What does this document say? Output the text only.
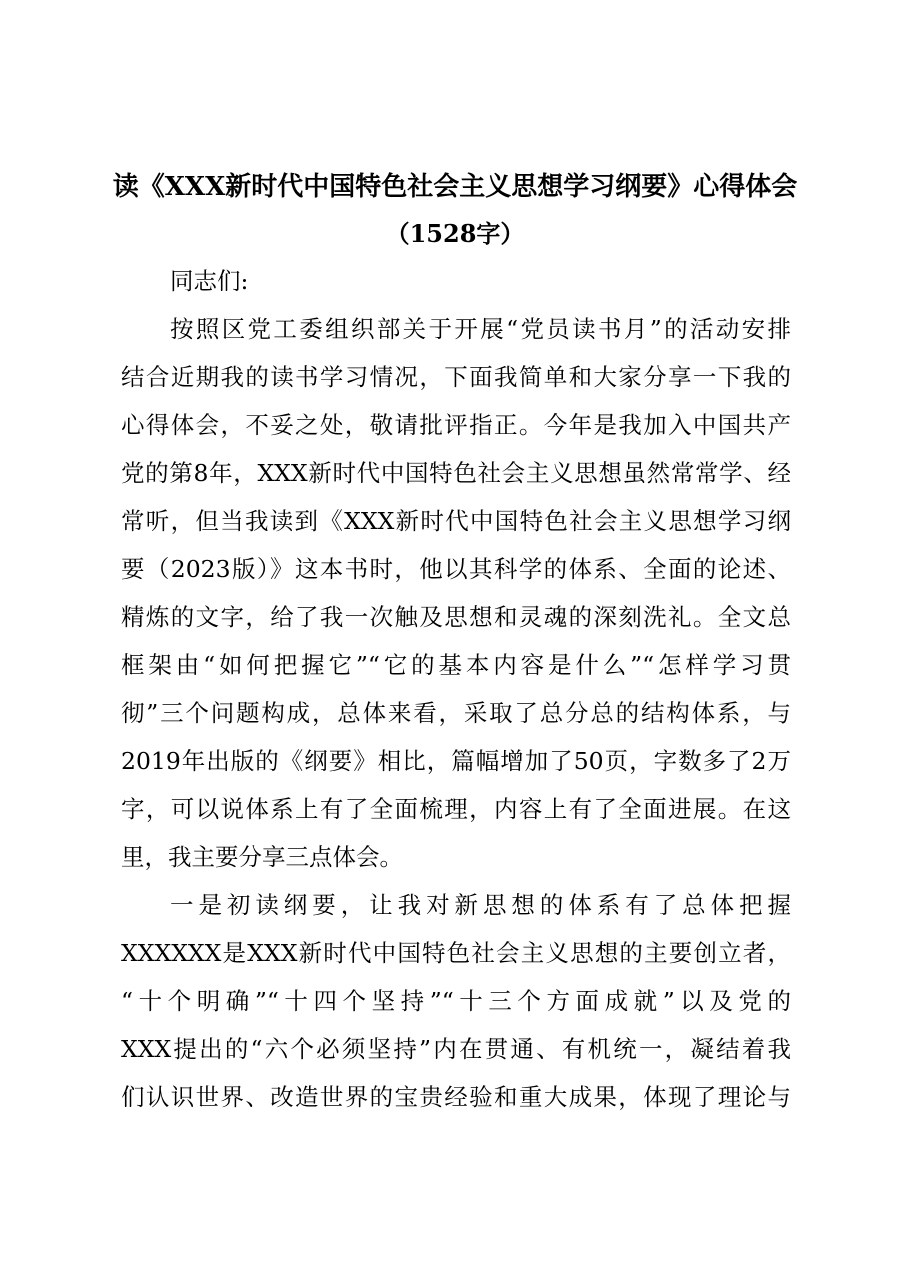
读《XXX新时代中国特色社会主义思想学习纲要》心得体会
（1528字）

同志们:

按照区党工委组织部关于开展“党员读书月”的活动安排

结合近期我的读书学习情况，下面我简单和大家分享一下我的

心得体会，不妥之处，敬请批评指正。今年是我加入中国共产

党的第8年，XXX新时代中国特色社会主义思想虽然常常学、经

常听，但当我读到《XXX新时代中国特色社会主义思想学习纲

要（2023版）》这本书时，他以其科学的体系、全面的论述、

精炼的文字，给了我一次触及思想和灵魂的深刻洗礼。全文总

框架由“如何把握它”“它的基本内容是什么”“怎样学习贯

彻”三个问题构成，总体来看，采取了总分总的结构体系，与

2019年出版的《纲要》相比，篇幅增加了50页，字数多了2万

字，可以说体系上有了全面梳理，内容上有了全面进展。在这

里，我主要分享三点体会。

一是初读纲要，让我对新思想的体系有了总体把握

XXXXXX是XXX新时代中国特色社会主义思想的主要创立者，

“十个明确”“十四个坚持”“十三个方面成就”以及党的

XXX提出的“六个必须坚持”内在贯通、有机统一，凝结着我

们认识世界、改造世界的宝贵经验和重大成果，体现了理论与
